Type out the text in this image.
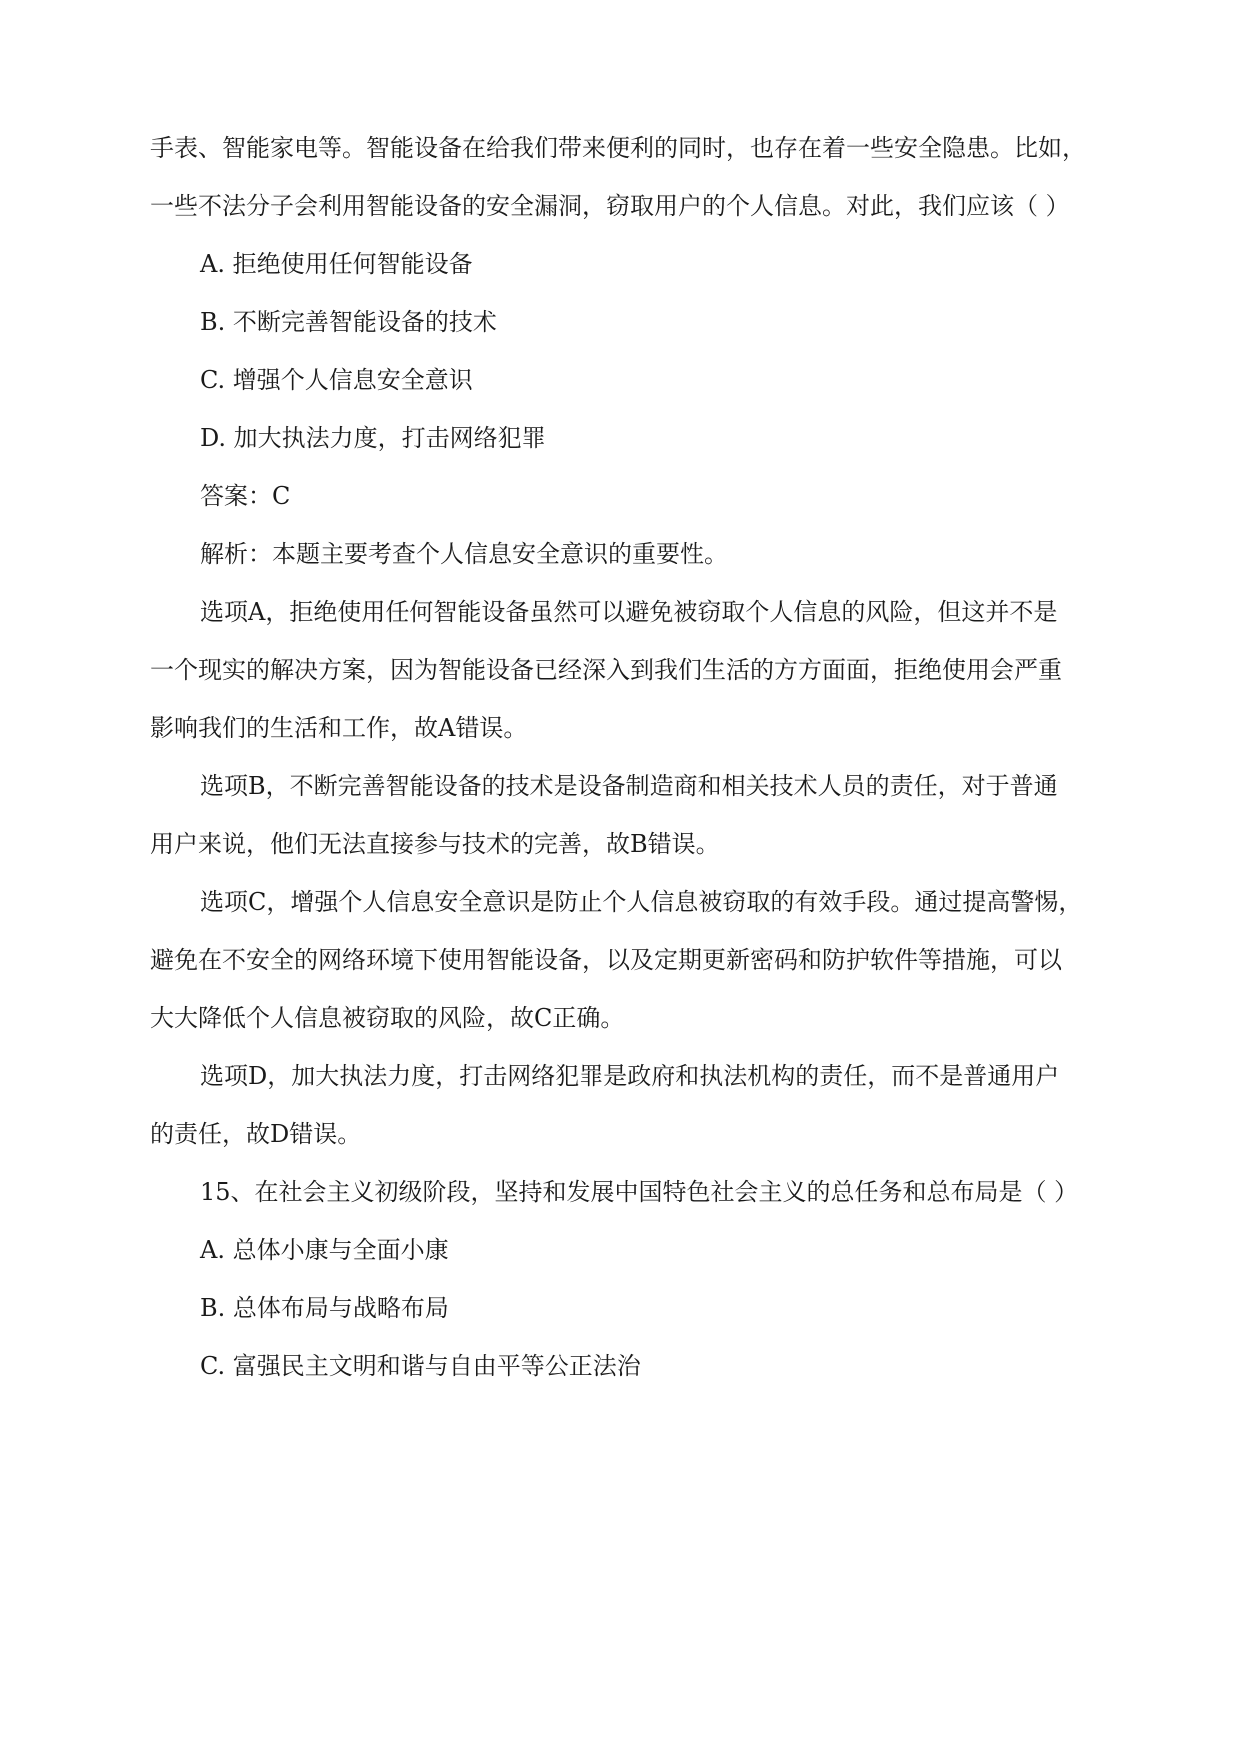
手表、智能家电等。智能设备在给我们带来便利的同时，也存在着一些安全隐患。比如，
一些不法分子会利用智能设备的安全漏洞，窃取用户的个人信息。对此，我们应该（ ）
A. 拒绝使用任何智能设备
B. 不断完善智能设备的技术
C. 增强个人信息安全意识
D. 加大执法力度，打击网络犯罪
答案：C
解析：本题主要考查个人信息安全意识的重要性。
选项A，拒绝使用任何智能设备虽然可以避免被窃取个人信息的风险，但这并不是
一个现实的解决方案，因为智能设备已经深入到我们生活的方方面面，拒绝使用会严重
影响我们的生活和工作，故A错误。
选项B，不断完善智能设备的技术是设备制造商和相关技术人员的责任，对于普通
用户来说，他们无法直接参与技术的完善，故B错误。
选项C，增强个人信息安全意识是防止个人信息被窃取的有效手段。通过提高警惕，
避免在不安全的网络环境下使用智能设备，以及定期更新密码和防护软件等措施，可以
大大降低个人信息被窃取的风险，故C正确。
选项D，加大执法力度，打击网络犯罪是政府和执法机构的责任，而不是普通用户
的责任，故D错误。
15、在社会主义初级阶段，坚持和发展中国特色社会主义的总任务和总布局是（ ）
A. 总体小康与全面小康
B. 总体布局与战略布局
C. 富强民主文明和谐与自由平等公正法治
